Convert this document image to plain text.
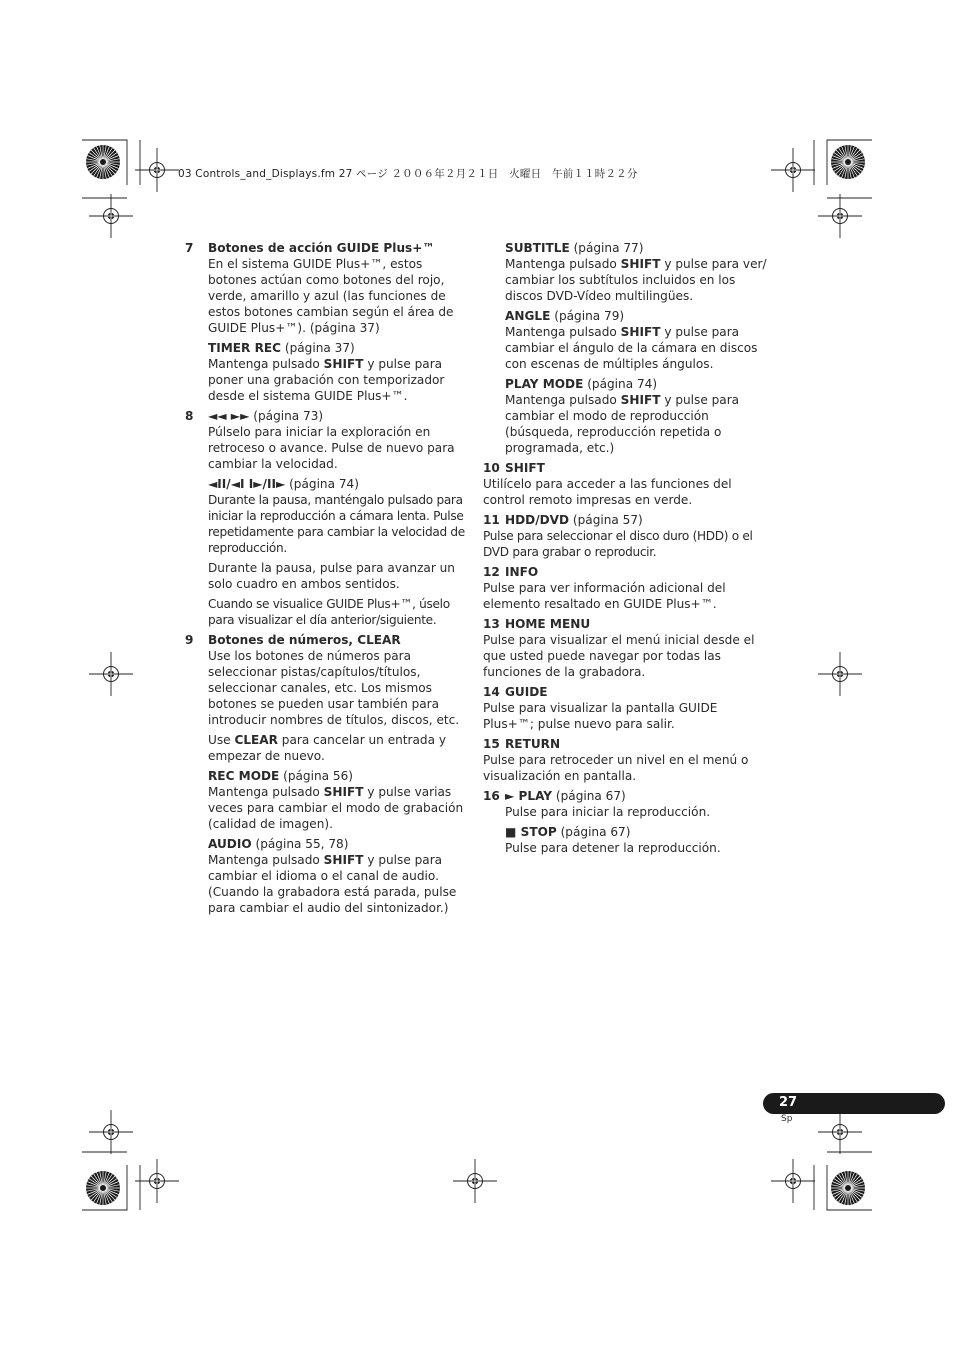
03 Controls_and_Displays.fm 27 ページ ２００６年２月２１日　火曜日　午前１１時２２分
7 Botones de acción GUIDE Plus+™
En el sistema GUIDE Plus+™, estos botones actúan como botones del rojo, verde, amarillo y azul (las funciones de estos botones cambian según el área de GUIDE Plus+™). (página 37)
TIMER REC (página 37)
Mantenga pulsado SHIFT y pulse para poner una grabación con temporizador desde el sistema GUIDE Plus+™.
8 ◄◄ ►► (página 73)
Púlselo para iniciar la exploración en retroceso o avance. Pulse de nuevo para cambiar la velocidad.
◄II/◄I I►/II► (página 74)
Durante la pausa, manténgalo pulsado para iniciar la reproducción a cámara lenta. Pulse repetidamente para cambiar la velocidad de reproducción.
Durante la pausa, pulse para avanzar un solo cuadro en ambos sentidos.
Cuando se visualice GUIDE Plus+™, úselo para visualizar el día anterior/siguiente.
9 Botones de números, CLEAR
Use los botones de números para seleccionar pistas/capítulos/títulos, seleccionar canales, etc. Los mismos botones se pueden usar también para introducir nombres de títulos, discos, etc.
Use CLEAR para cancelar un entrada y empezar de nuevo.
REC MODE (página 56)
Mantenga pulsado SHIFT y pulse varias veces para cambiar el modo de grabación (calidad de imagen).
AUDIO (página 55, 78)
Mantenga pulsado SHIFT y pulse para cambiar el idioma o el canal de audio. (Cuando la grabadora está parada, pulse para cambiar el audio del sintonizador.)
SUBTITLE (página 77)
Mantenga pulsado SHIFT y pulse para ver/ cambiar los subtítulos incluidos en los discos DVD-Vídeo multilingües.
ANGLE (página 79)
Mantenga pulsado SHIFT y pulse para cambiar el ángulo de la cámara en discos con escenas de múltiples ángulos.
PLAY MODE (página 74)
Mantenga pulsado SHIFT y pulse para cambiar el modo de reproducción (búsqueda, reproducción repetida o programada, etc.)
10 SHIFT
Utilícelo para acceder a las funciones del control remoto impresas en verde.
11 HDD/DVD (página 57)
Pulse para seleccionar el disco duro (HDD) o el DVD para grabar o reproducir.
12 INFO
Pulse para ver información adicional del elemento resaltado en GUIDE Plus+™.
13 HOME MENU
Pulse para visualizar el menú inicial desde el que usted puede navegar por todas las funciones de la grabadora.
14 GUIDE
Pulse para visualizar la pantalla GUIDE Plus+™; pulse nuevo para salir.
15 RETURN
Pulse para retroceder un nivel en el menú o visualización en pantalla.
16 ► PLAY (página 67)
Pulse para iniciar la reproducción.
■ STOP (página 67)
Pulse para detener la reproducción.
27
Sp
